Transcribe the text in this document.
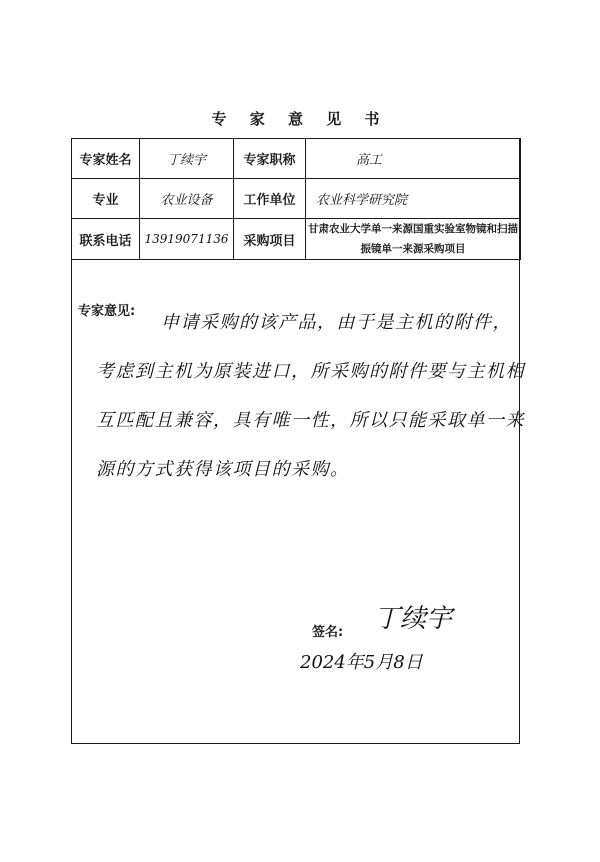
专 家 意 见 书
专家姓名	丁续宇	专家职称	高工
专业	农业设备	工作单位	农业科学研究院
联系电话	13919071136	采购项目	甘肃农业大学单一来源国重实验室物镜和扫描振镜单一来源采购项目
专家意见:
申请采购的该产品，由于是主机的附件，考虑到主机为原装进口，所采购的附件要与主机相互匹配且兼容，具有唯一性，所以只能采取单一来源的方式获得该项目的采购。
签名: 丁续宇
2024年5月8日
